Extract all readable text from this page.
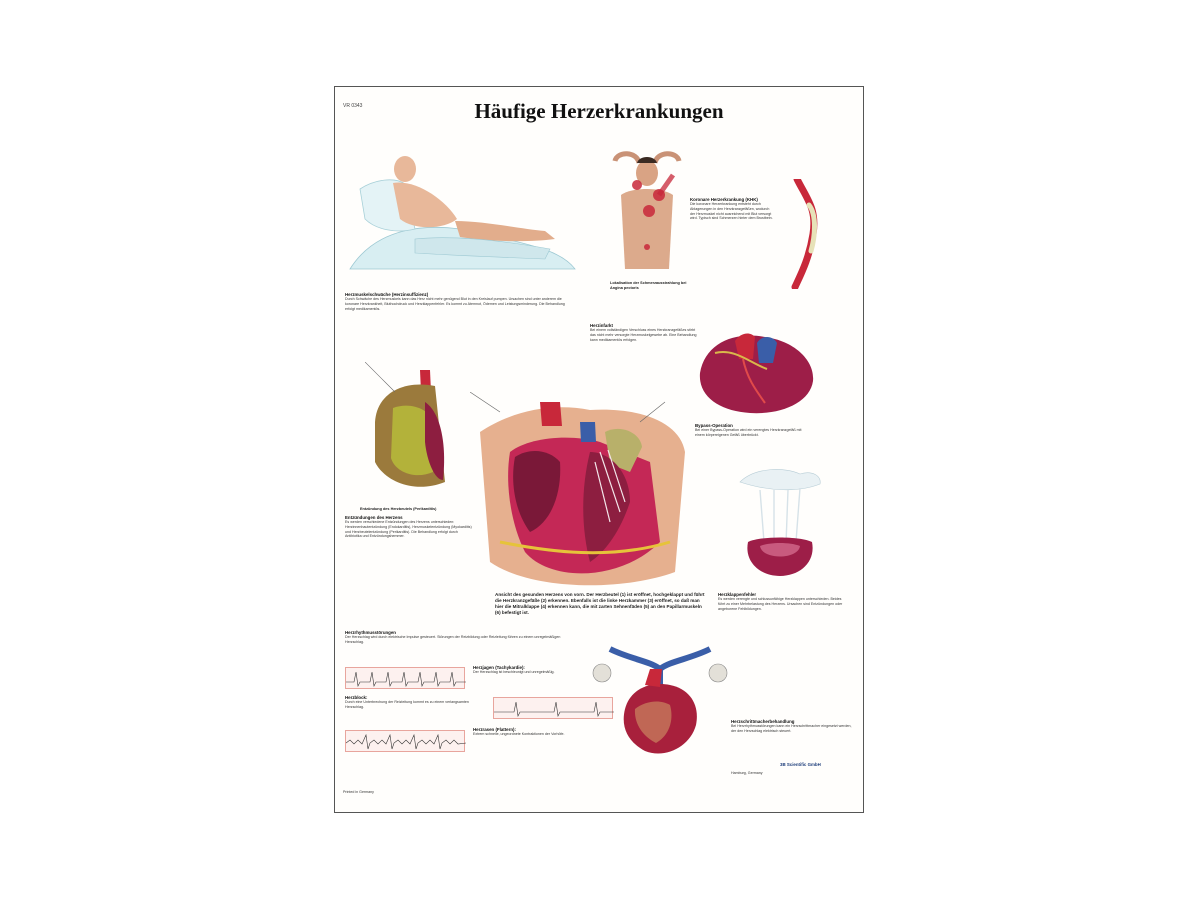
VR 0343	Häufige Herzerkrankungen
Lokalisation der Schmerzausstrahlung bei Angina pectoris
Koronare Herzerkrankung (KHK)
Die koronare Herzerkrankung entsteht durch Ablagerungen in den Herzkranzgefäßen, wodurch der Herzmuskel nicht ausreichend mit Blut versorgt wird. Typisch sind Schmerzen hinter dem Brustbein.
Herzmuskelschwäche (Herzinsuffizienz)
Durch Schwäche des Herzmuskels kann das Herz nicht mehr genügend Blut in den Kreislauf pumpen. Ursachen sind unter anderem die koronare Herzkrankheit, Bluthochdruck und Herzklappenfehler. Es kommt zu Atemnot, Ödemen und Leistungsminderung. Die Behandlung erfolgt medikamentös.
Herzinfarkt
Bei einem vollständigen Verschluss eines Herzkranzgefäßes stirbt das nicht mehr versorgte Herzmuskelgewebe ab. Eine Behandlung kann medikamentös erfolgen.
Bypass-Operation
Bei einer Bypass-Operation wird ein verengtes Herzkranzgefäß mit einem körpereigenen Gefäß überbrückt.
Entzündung des Herzbeutels (Perikarditis)
Ansicht des gesunden Herzens von vorn. Der Herzbeutel (1) ist eröffnet, hochgeklappt und führt die Herzkranzgefäße (2) erkennen. Ebenfalls ist die linke Herzkammer (3) eröffnet, so daß man hier die Mitralklappe (4) erkennen kann, die mit zarten Sehnenfäden (5) an den Papillarmuskeln (6) befestigt ist.
Entzündungen des Herzens
Es werden verschiedene Entzündungen des Herzens unterschieden: Herzinnenhautentzündung (Endokarditis), Herzmuskelentzündung (Myokarditis) und Herzbeutelentzündung (Perikarditis). Die Behandlung erfolgt durch Antibiotika und Entzündungshemmer.
Herzklappenfehler
Es werden verengte und schlussunfähige Herzklappen unterschieden. Beides führt zu einer Mehrbelastung des Herzens. Ursachen sind Entzündungen oder angeborene Fehlbildungen.
Herzrhythmusstörungen
Der Herzschlag wird durch elektrische Impulse gesteuert. Störungen der Reizbildung oder Reizleitung führen zu einem unregelmäßigen Herzschlag.
Herzjagen (Tachykardie):
Der Herzschlag ist beschleunigt und unregelmäßig.
Herzblock:
Durch eine Unterbrechung der Reizleitung kommt es zu einem verlangsamten Herzschlag.
Herzrasen (Flattern):
Extrem schnelle, ungeordnete Kontraktionen der Vorhöfe.
Herzschrittmacherbehandlung
Bei Herzrhythmusstörungen kann ein Herzschrittmacher eingesetzt werden, der den Herzschlag elektrisch steuert.
3B Scientific GmbH
Hamburg, Germany
Printed in Germany
